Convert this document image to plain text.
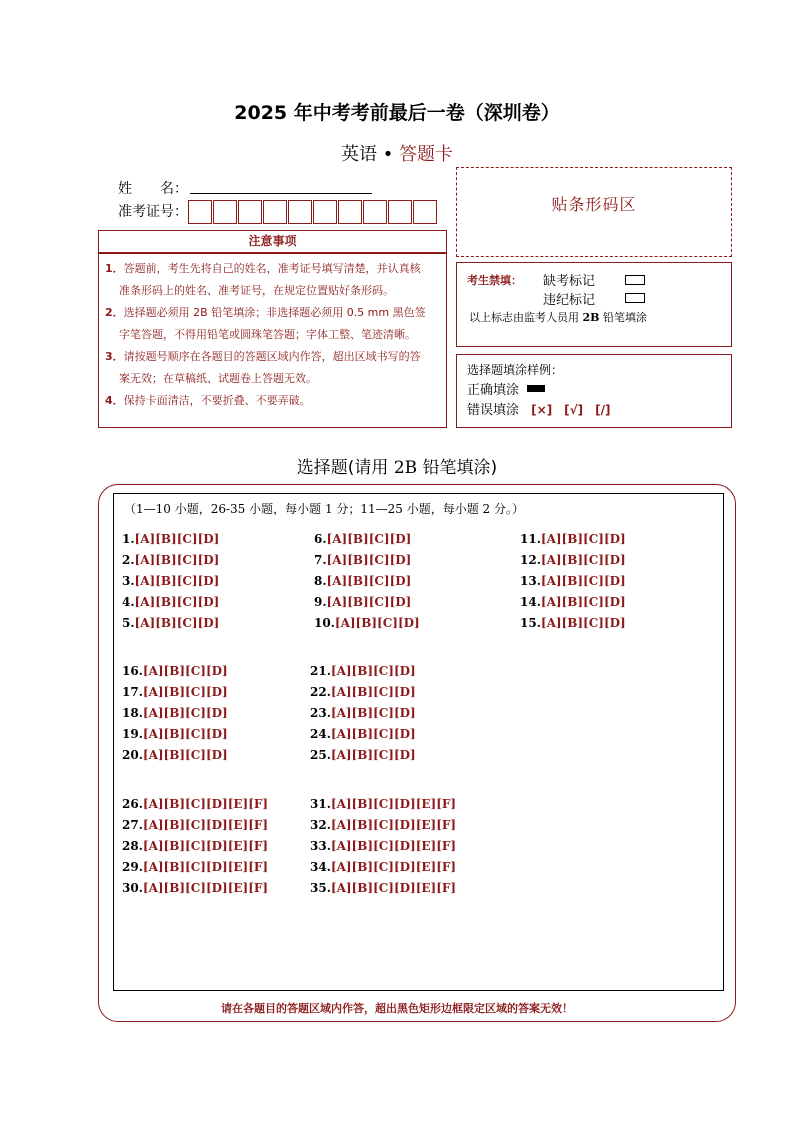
2025 年中考考前最后一卷（深圳卷）
英语 • 答题卡
姓　　名：
准考证号：	贴条形码区
注意事项
1．答题前，考生先将自己的姓名，准考证号填写清楚，并认真核
准条形码上的姓名、准考证号，在规定位置贴好条形码。
2．选择题必须用 2B 铅笔填涂；非选择题必须用 0.5 mm 黑色签
字笔答题，不得用铅笔或圆珠笔答题；字体工整、笔迹清晰。
3．请按题号顺序在各题目的答题区域内作答，超出区域书写的答
案无效；在草稿纸、试题卷上答题无效。
4．保持卡面清洁，不要折叠、不要弄破。
考生禁填： 缺考标记
违纪标记
以上标志由监考人员用 2B 铅笔填涂
选择题填涂样例：
正确填涂
错误填涂 [×]　[√]　[/]
选择题(请用 2B 铅笔填涂)
（1—10 小题，26-35 小题，每小题 1 分；11—25 小题，每小题 2 分。）
1.[A][B][C][D]
2.[A][B][C][D]
3.[A][B][C][D]
4.[A][B][C][D]
5.[A][B][C][D]
6.[A][B][C][D]
7.[A][B][C][D]
8.[A][B][C][D]
9.[A][B][C][D]
10.[A][B][C][D]
11.[A][B][C][D]
12.[A][B][C][D]
13.[A][B][C][D]
14.[A][B][C][D]
15.[A][B][C][D]
16.[A][B][C][D]
17.[A][B][C][D]
18.[A][B][C][D]
19.[A][B][C][D]
20.[A][B][C][D]
21.[A][B][C][D]
22.[A][B][C][D]
23.[A][B][C][D]
24.[A][B][C][D]
25.[A][B][C][D]
26.[A][B][C][D][E][F]
27.[A][B][C][D][E][F]
28.[A][B][C][D][E][F]
29.[A][B][C][D][E][F]
30.[A][B][C][D][E][F]
31.[A][B][C][D][E][F]
32.[A][B][C][D][E][F]
33.[A][B][C][D][E][F]
34.[A][B][C][D][E][F]
35.[A][B][C][D][E][F]
请在各题目的答题区域内作答，超出黑色矩形边框限定区域的答案无效！
